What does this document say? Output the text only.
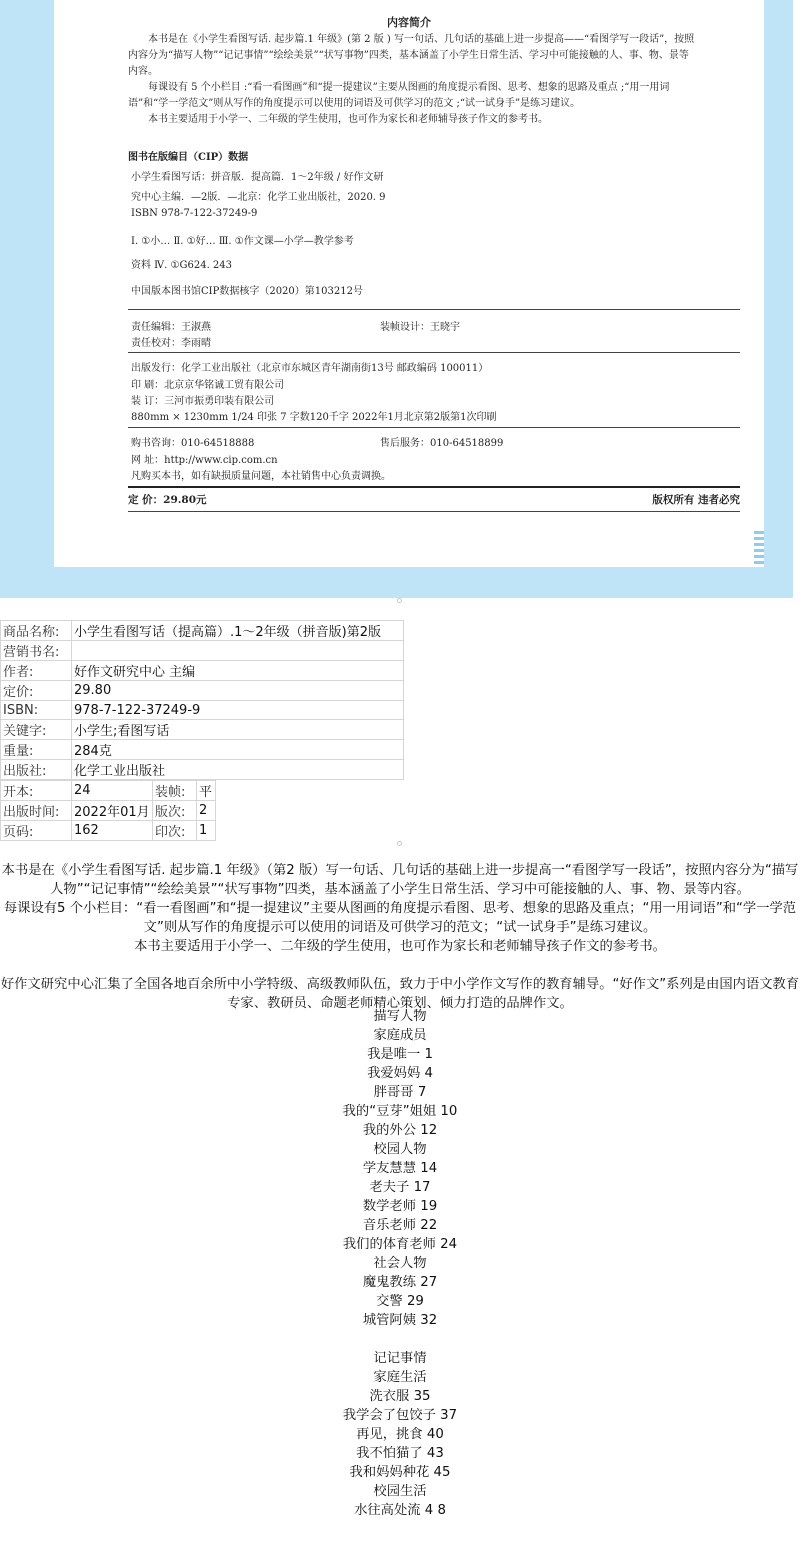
内容简介

本书是在《小学生看图写话. 起步篇.1 年级》(第 2 版 ) 写一句话、几句话的基础上进一步提高——“看图学写一段话”，按照内容分为“描写人物”“记记事情”“绘绘美景”“状写事物”四类，基本涵盖了小学生日常生活、学习中可能接触的人、事、物、景等内容。

每课设有 5 个小栏目 :“看一看图画”和“提一提建议”主要从图画的角度提示看图、思考、想象的思路及重点 ;“用一用词语”和“学一学范文”则从写作的角度提示可以使用的词语及可供学习的范文 ;“试一试身手”是练习建议。

本书主要适用于小学一、二年级的学生使用，也可作为家长和老师辅导孩子作文的参考书。

图书在版编目（CIP）数据
小学生看图写话：拼音版．提高篇．1～2年级 / 好作文研
究中心主编．—2版．—北京：化学工业出版社，2020. 9
ISBN 978-7-122-37249-9
Ⅰ. ①小… Ⅱ. ①好… Ⅲ. ①作文课—小学—教学参考
资料 Ⅳ. ①G624. 243
中国版本图书馆CIP数据核字（2020）第103212号
责任编辑：王淑燕	装帧设计：王晓宇
责任校对：李雨晴
出版发行：化学工业出版社（北京市东城区青年湖南街13号 邮政编码 100011）
印 刷：北京京华铭诚工贸有限公司
装 订：三河市振勇印装有限公司
880mm × 1230mm 1/24 印张 7 字数120千字 2022年1月北京第2版第1次印刷
购书咨询：010-64518888	售后服务：010-64518899
网 址：http://www.cip.com.cn
凡购买本书，如有缺损质量问题，本社销售中心负责调换。
定 价：29.80元	版权所有 违者必究
商品名称:	小学生看图写话（提高篇）.1～2年级（拼音版)第2版
营销书名:	
作者:	好作文研究中心 主编
定价:	29.80
ISBN:	978-7-122-37249-9
关键字:	小学生;看图写话
重量:	284克
出版社:	化学工业出版社
开本:	24	装帧:	平
出版时间:	2022年01月	版次:	2
页码:	162	印次:	1

本书是在《小学生看图写话. 起步篇.1 年级》（第2 版）写一句话、几句话的基础上进一步提高一“看图学写一段话”，按照内容分为“描写人物”“记记事情”“绘绘美景”“状写事物”四类，基本涵盖了小学生日常生活、学习中可能接触的人、事、物、景等内容。

每课设有5 个小栏目：“看一看图画”和“提一提建议”主要从图画的角度提示看图、思考、想象的思路及重点；“用一用词语”和“学一学范文”则从写作的角度提示可以使用的词语及可供学习的范文；“试一试身手”是练习建议。

本书主要适用于小学一、二年级的学生使用，也可作为家长和老师辅导孩子作文的参考书。

好作文研究中心汇集了全国各地百余所中小学特级、高级教师队伍，致力于中小学作文写作的教育辅导。“好作文”系列是由国内语文教育专家、教研员、命题老师精心策划、倾力打造的品牌作文。

描写人物
家庭成员
我是唯一 1
我爱妈妈 4
胖哥哥 7
我的“豆芽”姐姐 10
我的外公 12
校园人物
学友慧慧 14
老夫子 17
数学老师 19
音乐老师 22
我们的体育老师 24
社会人物
魔鬼教练 27
交警 29
城管阿姨 32
记记事情
家庭生活
洗衣服 35
我学会了包饺子 37
再见，挑食 40
我不怕猫了 43
我和妈妈种花 45
校园生活
水往高处流 4 8
